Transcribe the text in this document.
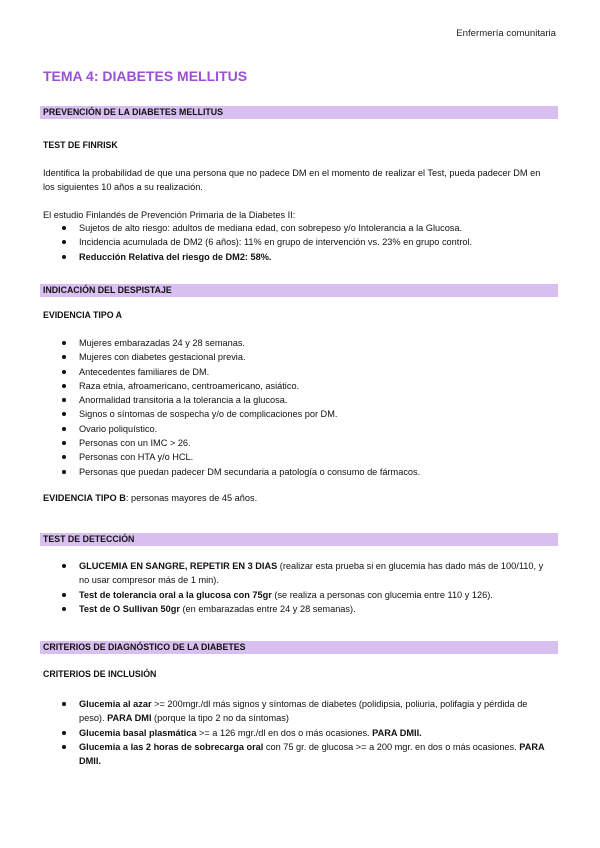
Enfermería comunitaria
TEMA 4: DIABETES MELLITUS
PREVENCIÓN DE LA DIABETES MELLITUS
TEST DE FINRISK
Identifica la probabilidad de que una persona que no padece DM en el momento de realizar el Test, pueda padecer DM en los siguientes 10 años a su realización.
El estudio Finlandés de Prevención Primaria de la Diabetes II:
Sujetos de alto riesgo: adultos de mediana edad, con sobrepeso y/o Intolerancia a la Glucosa.
Incidencia acumulada de DM2 (6 años): 11% en grupo de intervención vs. 23% en grupo control.
Reducción Relativa del riesgo de DM2: 58%.
INDICACIÓN DEL DESPISTAJE
EVIDENCIA TIPO A
Mujeres embarazadas 24 y 28 semanas.
Mujeres con diabetes gestacional previa.
Antecedentes familiares de DM.
Raza etnia, afroamericano, centroamericano, asiático.
Anormalidad transitoria a la tolerancia a la glucosa.
Signos o síntomas de sospecha y/o de complicaciones por DM.
Ovario poliquístico.
Personas con un IMC > 26.
Personas con HTA y/o HCL.
Personas que puedan padecer DM secundaria a patología o consumo de fármacos.
EVIDENCIA TIPO B: personas mayores de 45 años.
TEST DE DETECCIÓN
GLUCEMIA EN SANGRE, REPETIR EN 3 DIAS (realizar esta prueba si en glucemia has dado más de 100/110, y no usar compresor más de 1 min).
Test de tolerancia oral a la glucosa con 75gr (se realiza a personas con glucemia entre 110 y 126).
Test de O Sullivan 50gr (en embarazadas entre 24 y 28 semanas).
CRITERIOS DE DIAGNÓSTICO DE LA DIABETES
CRITERIOS DE INCLUSIÓN
Glucemia al azar >= 200mgr./dl más signos y síntomas de diabetes (polidipsia, poliuria, polifagia y pérdida de peso). PARA DMI (porque la tipo 2 no da síntomas)
Glucemia basal plasmática >= a 126 mgr./dl en dos o más ocasiones. PARA DMII.
Glucemia a las 2 horas de sobrecarga oral con 75 gr. de glucosa >= a 200 mgr. en dos o más ocasiones. PARA DMII.
